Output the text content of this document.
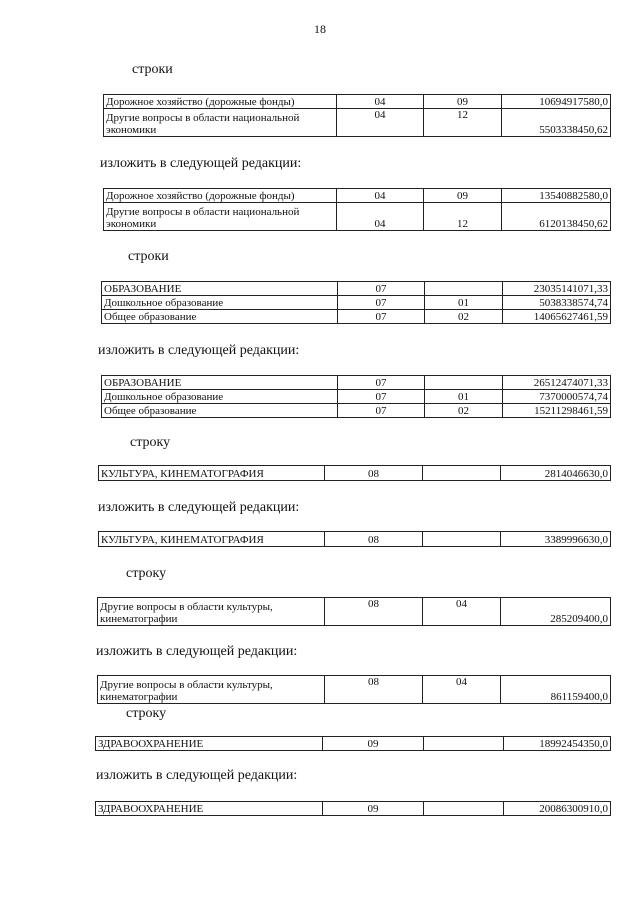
18
строки
Дорожное хозяйство (дорожные фонды)	04	09	10694917580,0
Другие вопросы в области национальной экономики	04	12	5503338450,62
изложить в следующей редакции:
Дорожное хозяйство (дорожные фонды)	04	09	13540882580,0
Другие вопросы в области национальной экономики	04	12	6120138450,62
строки
ОБРАЗОВАНИЕ	07		23035141071,33
Дошкольное образование	07	01	5038338574,74
Общее образование	07	02	14065627461,59
изложить в следующей редакции:
ОБРАЗОВАНИЕ	07		26512474071,33
Дошкольное образование	07	01	7370000574,74
Общее образование	07	02	15211298461,59
строку
КУЛЬТУРА, КИНЕМАТОГРАФИЯ	08		2814046630,0
изложить в следующей редакции:
КУЛЬТУРА, КИНЕМАТОГРАФИЯ	08		3389996630,0
строку
Другие вопросы в области культуры, кинематографии	08	04	285209400,0
изложить в следующей редакции:
Другие вопросы в области культуры, кинематографии	08	04	861159400,0
строку
ЗДРАВООХРАНЕНИЕ	09		18992454350,0
изложить в следующей редакции:
ЗДРАВООХРАНЕНИЕ	09		20086300910,0
